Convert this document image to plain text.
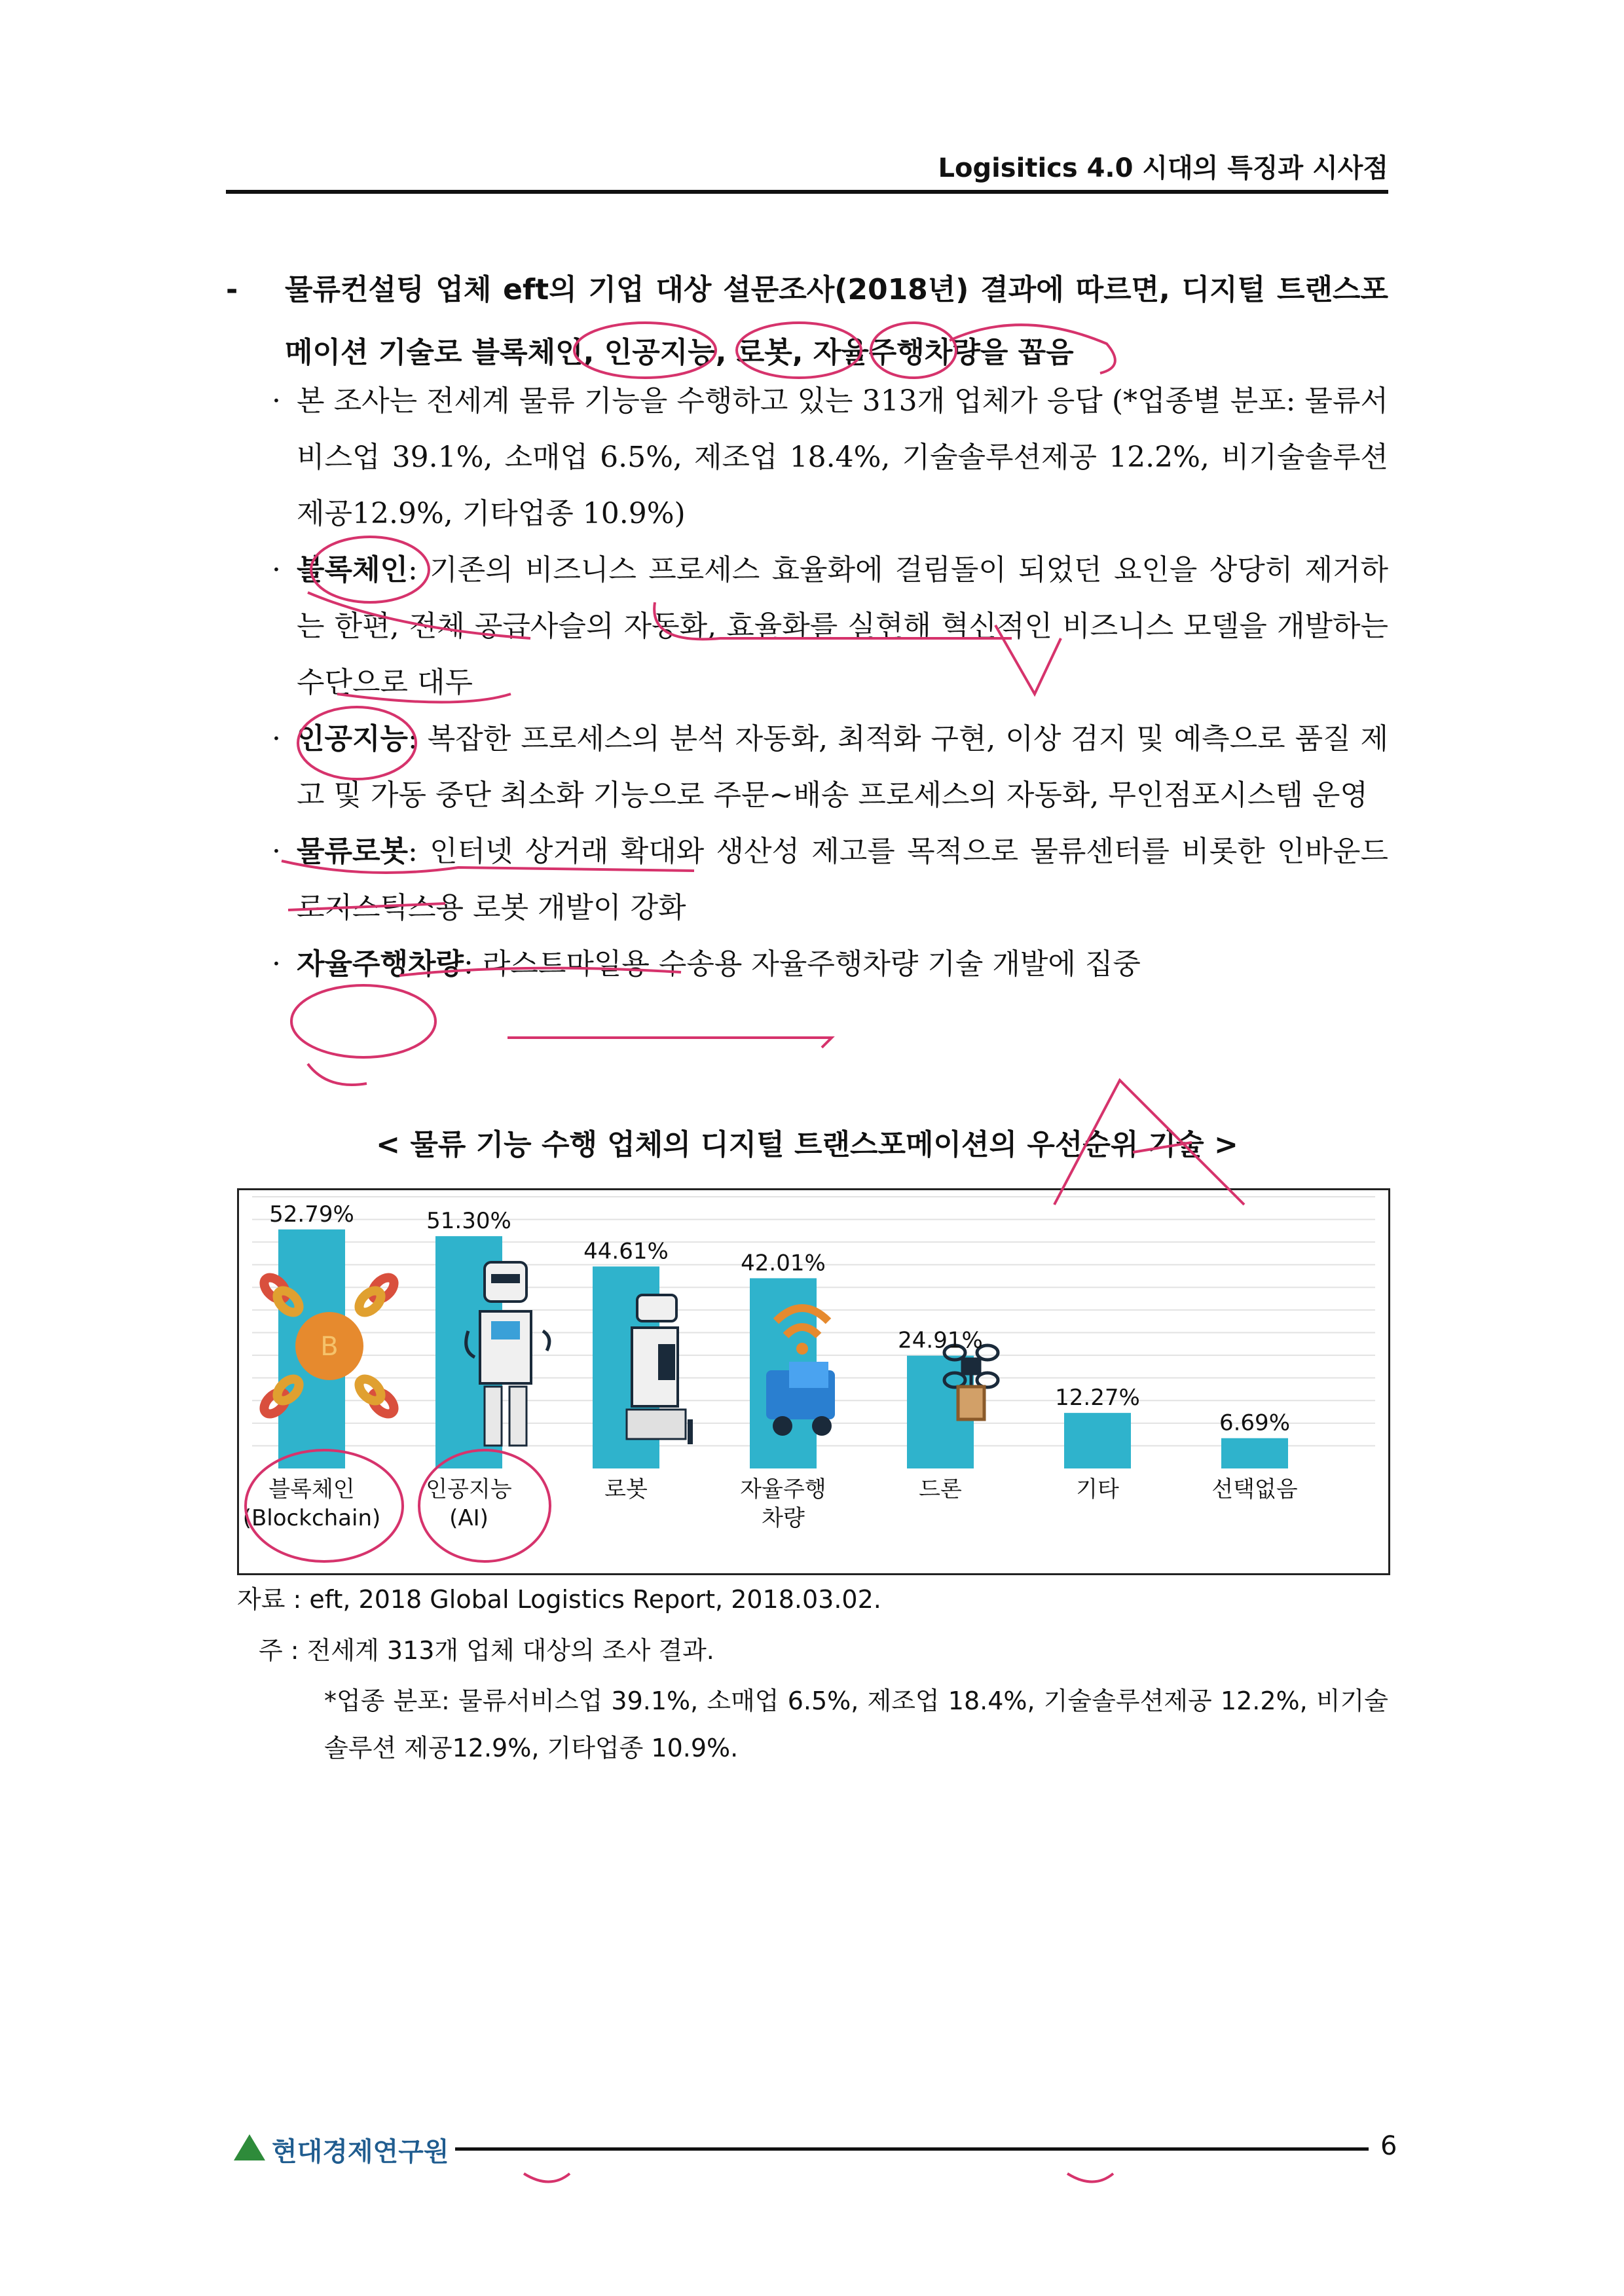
Logisitics 4.0 시대의 특징과 시사점
- 물류컨설팅 업체 eft의 기업 대상 설문조사(2018년) 결과에 따르면, 디지털 트랜스포메이션 기술로 블록체인, 인공지능, 로봇, 자율주행차량을 꼽음
· 본 조사는 전세계 물류 기능을 수행하고 있는 313개 업체가 응답 (*업종별 분포: 물류서비스업 39.1%, 소매업 6.5%, 제조업 18.4%, 기술솔루션제공 12.2%, 비기술솔루션 제공12.9%, 기타업종 10.9%)
· 블록체인: 기존의 비즈니스 프로세스 효율화에 걸림돌이 되었던 요인을 상당히 제거하는 한편, 전체 공급사슬의 자동화, 효율화를 실현해 혁신적인 비즈니스 모델을 개발하는 수단으로 대두
· 인공지능: 복잡한 프로세스의 분석 자동화, 최적화 구현, 이상 검지 및 예측으로 품질 제고 및 가동 중단 최소화 기능으로 주문~배송 프로세스의 자동화, 무인점포시스템 운영
· 물류로봇: 인터넷 상거래 확대와 생산성 제고를 목적으로 물류센터를 비롯한 인바운드 로지스틱스용 로봇 개발이 강화
· 자율주행차량: 라스트마일용 수송용 자율주행차량 기술 개발에 집중
< 물류 기능 수행 업체의 디지털 트랜스포메이션의 우선순위 기술 >
B
52.79%
블록체인
(Blockchain)
51.30%
인공지능
(AI)
44.61%
로봇
42.01%
자율주행
차량
24.91%
드론
12.27%
기타
6.69%
선택없음
자료 : eft, 2018 Global Logistics Report, 2018.03.02.
주 : 전세계 313개 업체 대상의 조사 결과.
*업종 분포: 물류서비스업 39.1%, 소매업 6.5%, 제조업 18.4%, 기술솔루션제공 12.2%, 비기술솔루션 제공12.9%, 기타업종 10.9%.
현대경제연구원	6
